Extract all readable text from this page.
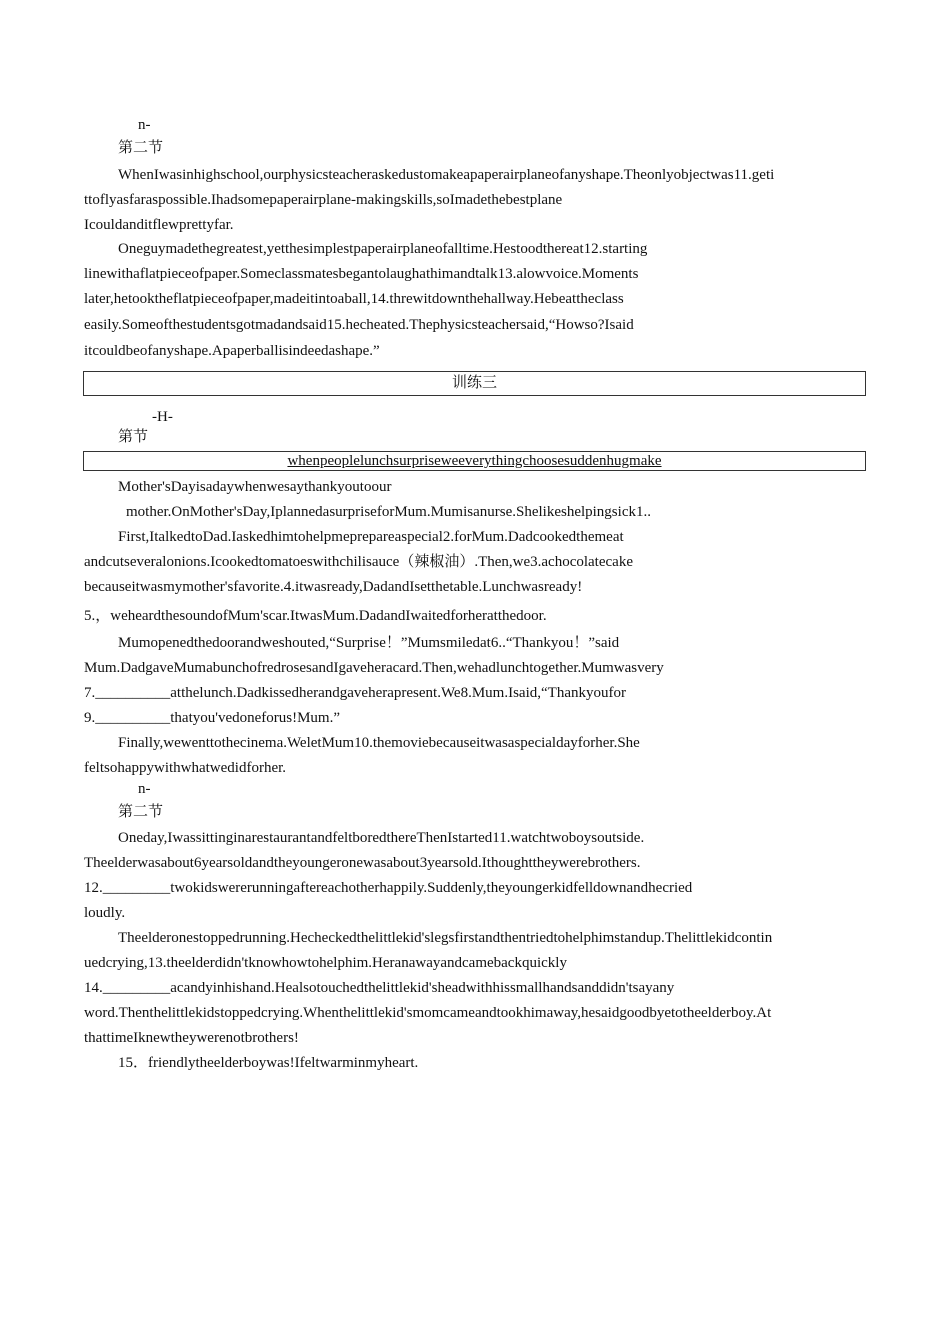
n-
第二节
WhenIwasinhighschool,ourphysicsteacheraskedustomakeapaperairplaneofanyshape.Theonlyobjectwas11.geti
ttoflyasfaraspossible.Ihadsomepaperairplane-makingskills,soImadethebestplane
Icouldanditflewprettyfar.
Oneguymadethegreatest,yetthesimplestpaperairplaneofalltime.Hestoodthereat12.starting
linewithaflatpieceofpaper.Someclassmatesbegantolaughathimandtalk13.alowvoice.Moments
later,hetooktheflatpieceofpaper,madeitintoaball,14.threwitdownthehallway.Hebeattheclass
easily.Someofthestudentsgotmadandsaid15.hecheated.Thephysicsteachersaid,“Howso?Isaid
itcouldbeofanyshape.Apaperballisindeedashape.”
训练三
-H-
第节
whenpeoplelunchsurpriseweeverythingchoosesuddenhugmake
Mother'sDayisadaywhenwesaythankyoutoour
mother.OnMother'sDay,IplannedasurpriseforMum.Mumisanurse.Shelikeshelpingsick1..
First,ItalkedtoDad.Iaskedhimtohelpmeprepareaspecial2.forMum.Dadcookedthemeat
andcutseveralonions.Icookedtomatoeswithchilisauce（辣椒油）.Then,we3.achocolatecake
becauseitwasmymother'sfavorite.4.itwasready,DadandIsetthetable.Lunchwasready!
5.，weheardthesoundofMum'scar.ItwasMum.DadandIwaitedforheratthedoor.
Mumopenedthedoorandweshouted,“Surprise！”Mumsmiledat6..“Thankyou！”said
Mum.DadgaveMumabunchofredrosesandIgaveheracard.Then,wehadlunchtogether.Mumwasvery
7.__________atthelunch.Dadkissedherandgaveherapresent.We8.Mum.Isaid,“Thankyoufor
9.__________thatyou'vedoneforus!Mum.”
Finally,wewenttothecinema.WeletMum10.themoviebecauseitwasaspecialdayforher.She
feltsohappywithwhatwedidforher.
n-
第二节
Oneday,IwassittinginarestaurantandfeltboredthereThenIstarted11.watchtwoboysoutside.
Theelderwasabout6yearsoldandtheyoungeronewasabout3yearsold.Ithoughttheywerebrothers.
12._________twokidswererunningaftereachotherhappily.Suddenly,theyoungerkidfelldownandhecried
loudly.
Theelderonestoppedrunning.Hecheckedthelittlekid'slegsfirstandthentriedtohelphimstandup.Thelittlekidcontin
uedcrying,13.theelderdidn'tknowhowtohelphim.Heranawayandcamebackquickly
14._________acandyinhishand.Healsotouchedthelittlekid'sheadwithhissmallhandsanddidn'tsayany
word.Thenthelittlekidstoppedcrying.Whenthelittlekid'smomcameandtookhimaway,hesaidgoodbyetotheelderboy.At
thattimeIknewtheywerenotbrothers!
15．friendlytheelderboywas!Ifeltwarminmyheart.
